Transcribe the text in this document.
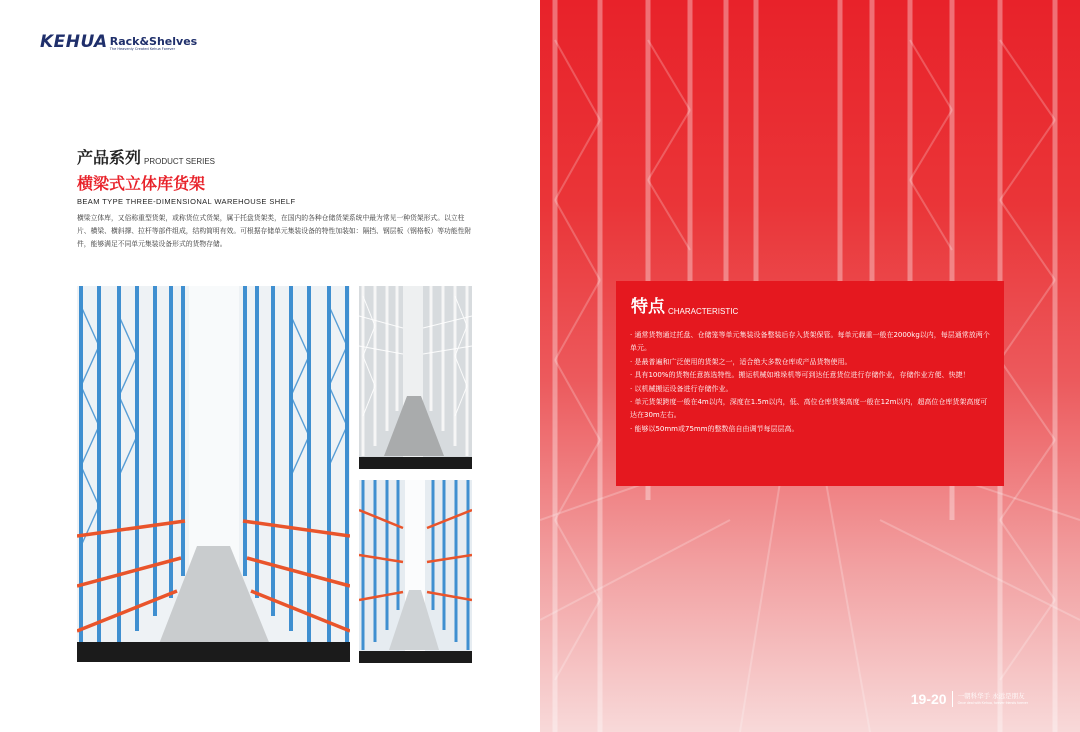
KEHUA Rack&Shelves
The Heavenly Created Kehua Forever
产品系列 PRODUCT SERIES
横梁式立体库货架
BEAM TYPE THREE-DIMENSIONAL WAREHOUSE SHELF

横梁立体库，又俗称重型货架，或称货位式货架，属于托盘货架类，在国内的各种仓储货架系统中最为常见一种货架形式。以立柱片、横梁、横斜撑、拉杆等部件组成，结构简明有效。可根据存储单元集装设备的特性加装如：隔挡、钢层板（钢格板）等功能性附件，能够满足不同单元集装设备形式的货物存储。

特点 CHARACTERISTIC
· 通常货物通过托盘、仓储笼等单元集装设备整装后存入货架保管。每单元载重一般在2000kg以内，每层通常放两个单元。
· 是最普遍和广泛使用的货架之一，适合绝大多数仓库或产品货物使用。
· 具有100%的货物任意拣选特性。搬运机械如堆垛机等可到达任意货位进行存储作业，存储作业方便、快捷！
· 以机械搬运设备进行存储作业。
· 单元货架跨度一般在4m以内，深度在1.5m以内，低、高位仓库货架高度一般在12m以内，超高位仓库货架高度可达在30m左右。
· 能够以50mm或75mm的整数倍自由调节每层层高。
19-20 一朝科华手 永远是朋友
Once deal with Kehua, forever friends forever
